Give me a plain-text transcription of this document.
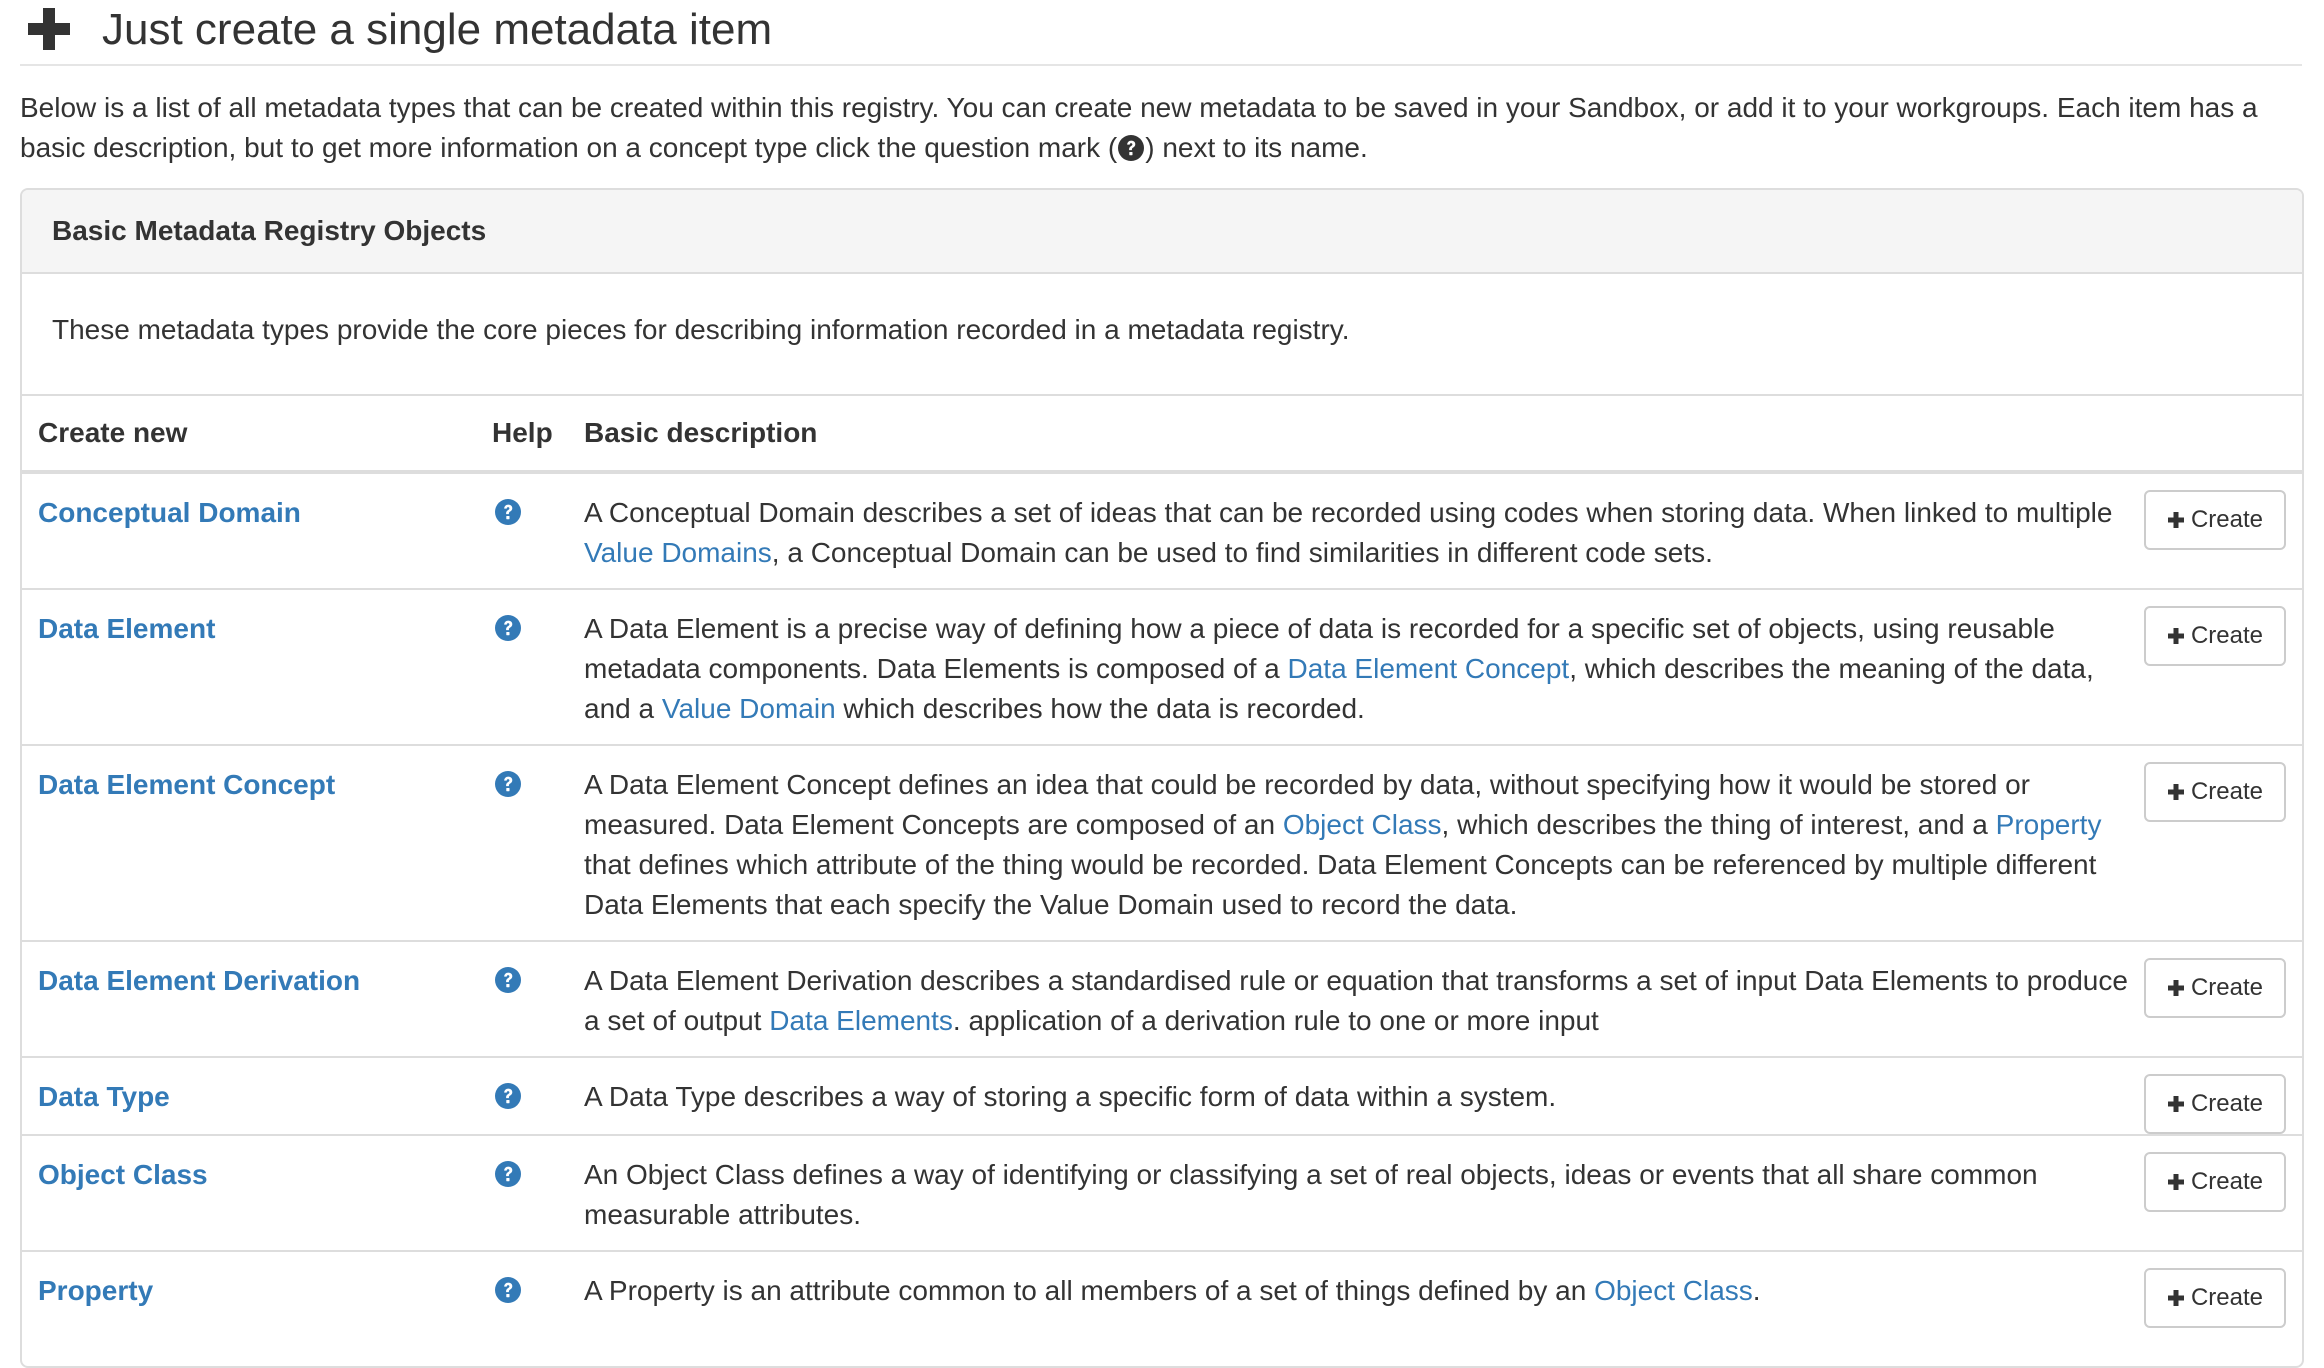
Just create a single metadata item
Below is a list of all metadata types that can be created within this registry. You can create new metadata to be saved in your Sandbox, or add it to your workgroups. Each item has a basic description, but to get more information on a concept type click the question mark ( ) next to its name.
Basic Metadata Registry Objects
These metadata types provide the core pieces for describing information recorded in a metadata registry.
Create new	Help	Basic description	
Conceptual Domain		A Conceptual Domain describes a set of ideas that can be recorded using codes when storing data. When linked to multiple Value Domains, a Conceptual Domain can be used to find similarities in different code sets.	Create

Data Element		A Data Element is a precise way of defining how a piece of data is recorded for a specific set of objects, using reusable metadata components. Data Elements is composed of a Data Element Concept, which describes the meaning of the data, and a Value Domain which describes how the data is recorded.	Create

Data Element Concept		A Data Element Concept defines an idea that could be recorded by data, without specifying how it would be stored or measured. Data Element Concepts are composed of an Object Class, which describes the thing of interest, and a Property that defines which attribute of the thing would be recorded. Data Element Concepts can be referenced by multiple different Data Elements that each specify the Value Domain used to record the data.	Create

Data Element Derivation		A Data Element Derivation describes a standardised rule or equation that transforms a set of input Data Elements to produce a set of output Data Elements. application of a derivation rule to one or more input	Create

Data Type		A Data Type describes a way of storing a specific form of data within a system.	Create

Object Class		An Object Class defines a way of identifying or classifying a set of real objects, ideas or events that all share common measurable attributes.	Create

Property		A Property is an attribute common to all members of a set of things defined by an Object Class.	Create
